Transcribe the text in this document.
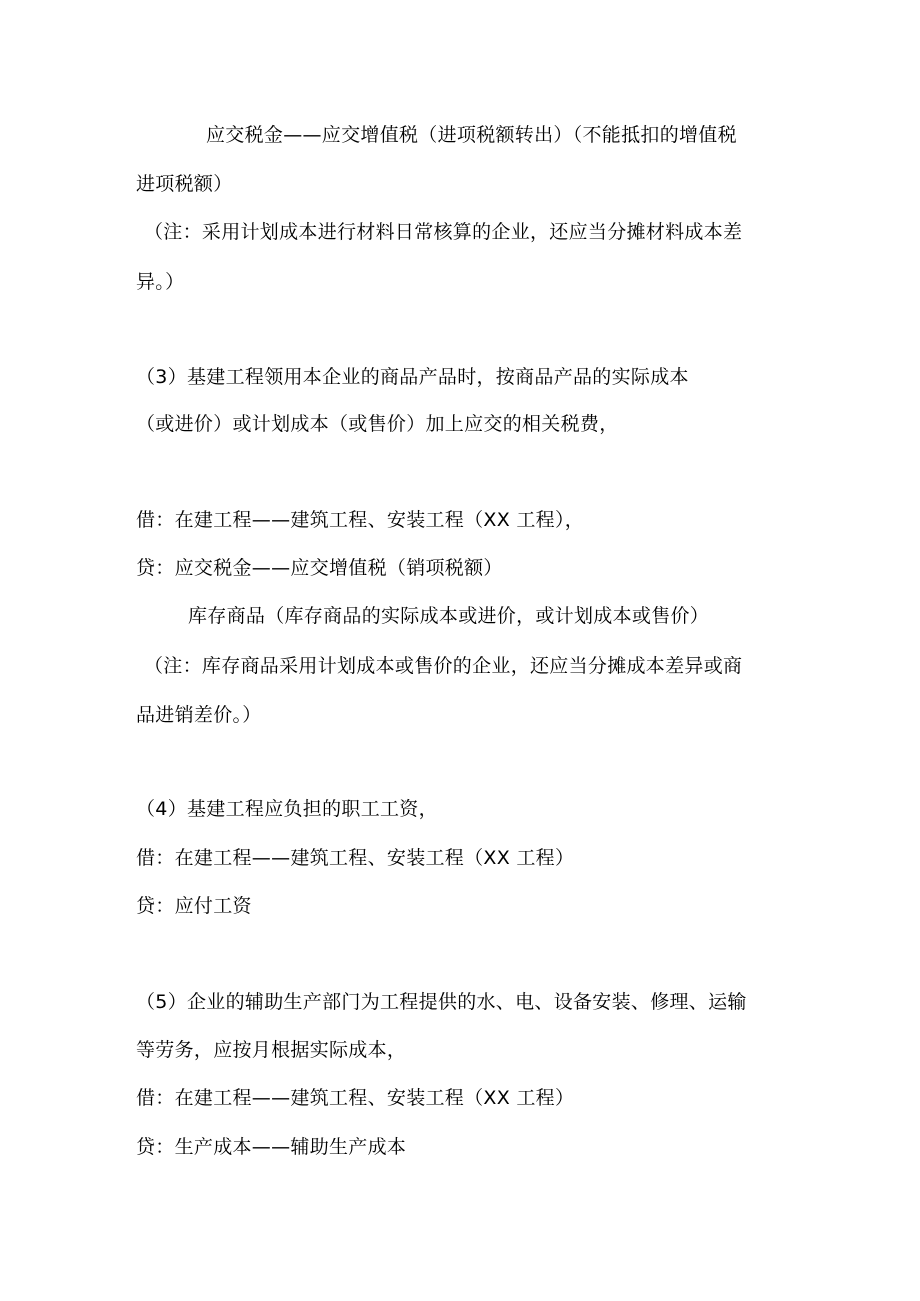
应交税金——应交增值税（进项税额转出）（不能抵扣的增值税
进项税额）
（注：采用计划成本进行材料日常核算的企业，还应当分摊材料成本差
异。）
（3）基建工程领用本企业的商品产品时，按商品产品的实际成本
（或进价）或计划成本（或售价）加上应交的相关税费，
借：在建工程——建筑工程、安装工程（XX 工程），
贷：应交税金——应交增值税（销项税额）
库存商品（库存商品的实际成本或进价，或计划成本或售价）
（注：库存商品采用计划成本或售价的企业，还应当分摊成本差异或商
品进销差价。）
（4）基建工程应负担的职工工资，
借：在建工程——建筑工程、安装工程（XX 工程）
贷：应付工资
（5）企业的辅助生产部门为工程提供的水、电、设备安装、修理、运输
等劳务，应按月根据实际成本，
借：在建工程——建筑工程、安装工程（XX 工程）
贷：生产成本——辅助生产成本
